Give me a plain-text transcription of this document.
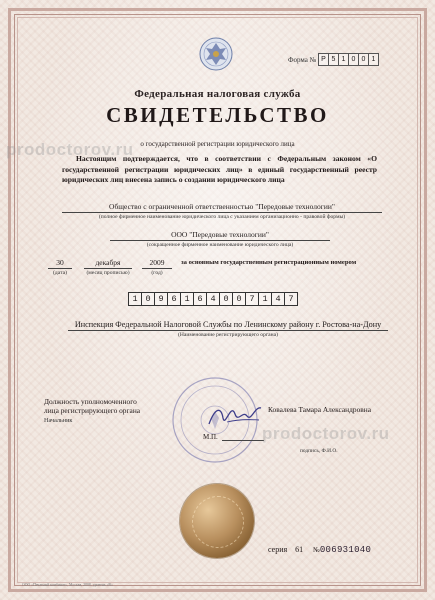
Форма № Р 5 1 0 0 1
Федеральная налоговая служба
СВИДЕТЕЛЬСТВО
о государственной регистрации юридического лица
prodoctorov.ru
Настоящим подтверждается, что в соответствии с Федеральным законом «О государственной регистрации юридических лиц» в единый государственный реестр юридических лиц внесена запись о создании юридического лица
Общество с ограниченной ответственностью "Передовые технологии"
(полное фирменное наименование юридического лица с указанием организационно - правовой формы)
ООО "Передовые технологии"
(сокращенное фирменное наименование юридического лица)
30
(дата)
декабря
(месяц прописью)
2009
(год)
за основным государственным регистрационным номером
1 0 9 6 1 6 4 0 0 7 1 4 7
Инспекция Федеральной Налоговой Службы по Ленинскому району г. Ростова-на-Дону
(Наименование регистрирующего органа)
Должность уполномоченного
лица регистрирующего органа
Начальник
Ковалева Тамара Александровна
М.П.
подпись, Ф.И.О.
prodoctorov.ru
серия 61 №006931040
ООО «Печатный комбинат», Москва, 2008, уровень «В»
